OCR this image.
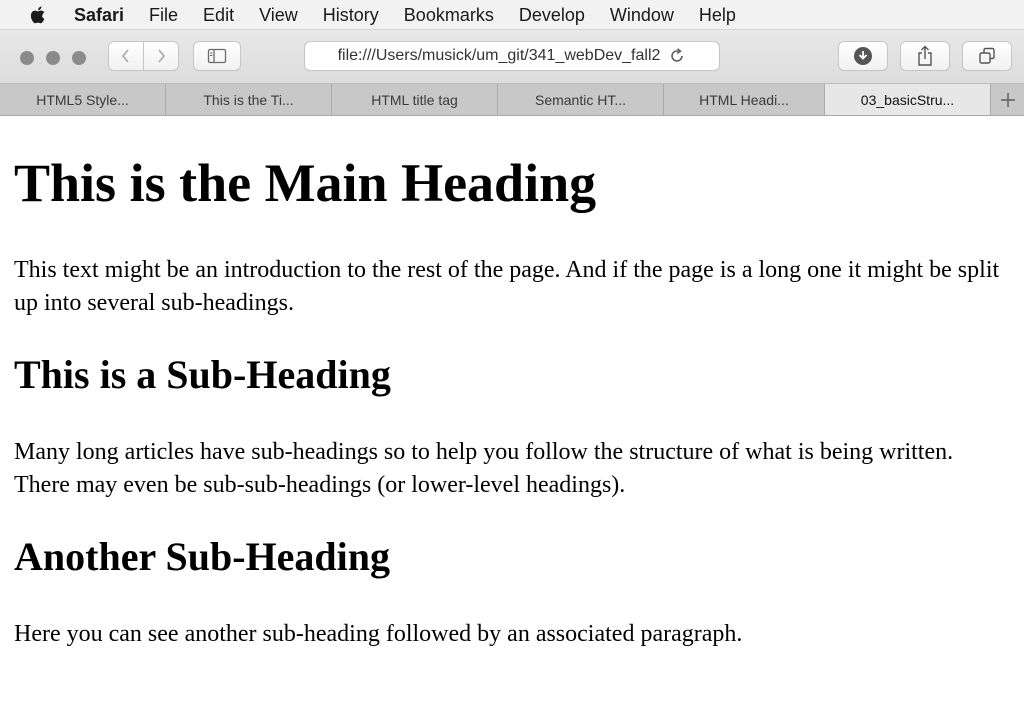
Safari File Edit View History Bookmarks Develop Window Help
file:///Users/musick/um_git/341_webDev_fall2
HTML5 Style...	This is the Ti...	HTML title tag	Semantic HT...	HTML Headi...	03_basicStru...
This is the Main Heading

This text might be an introduction to the rest of the page. And if the page is a long one it might be split up into several sub-headings.

This is a Sub-Heading

Many long articles have sub-headings so to help you follow the structure of what is being written. There may even be sub-sub-headings (or lower-level headings).

Another Sub-Heading

Here you can see another sub-heading followed by an associated paragraph.
